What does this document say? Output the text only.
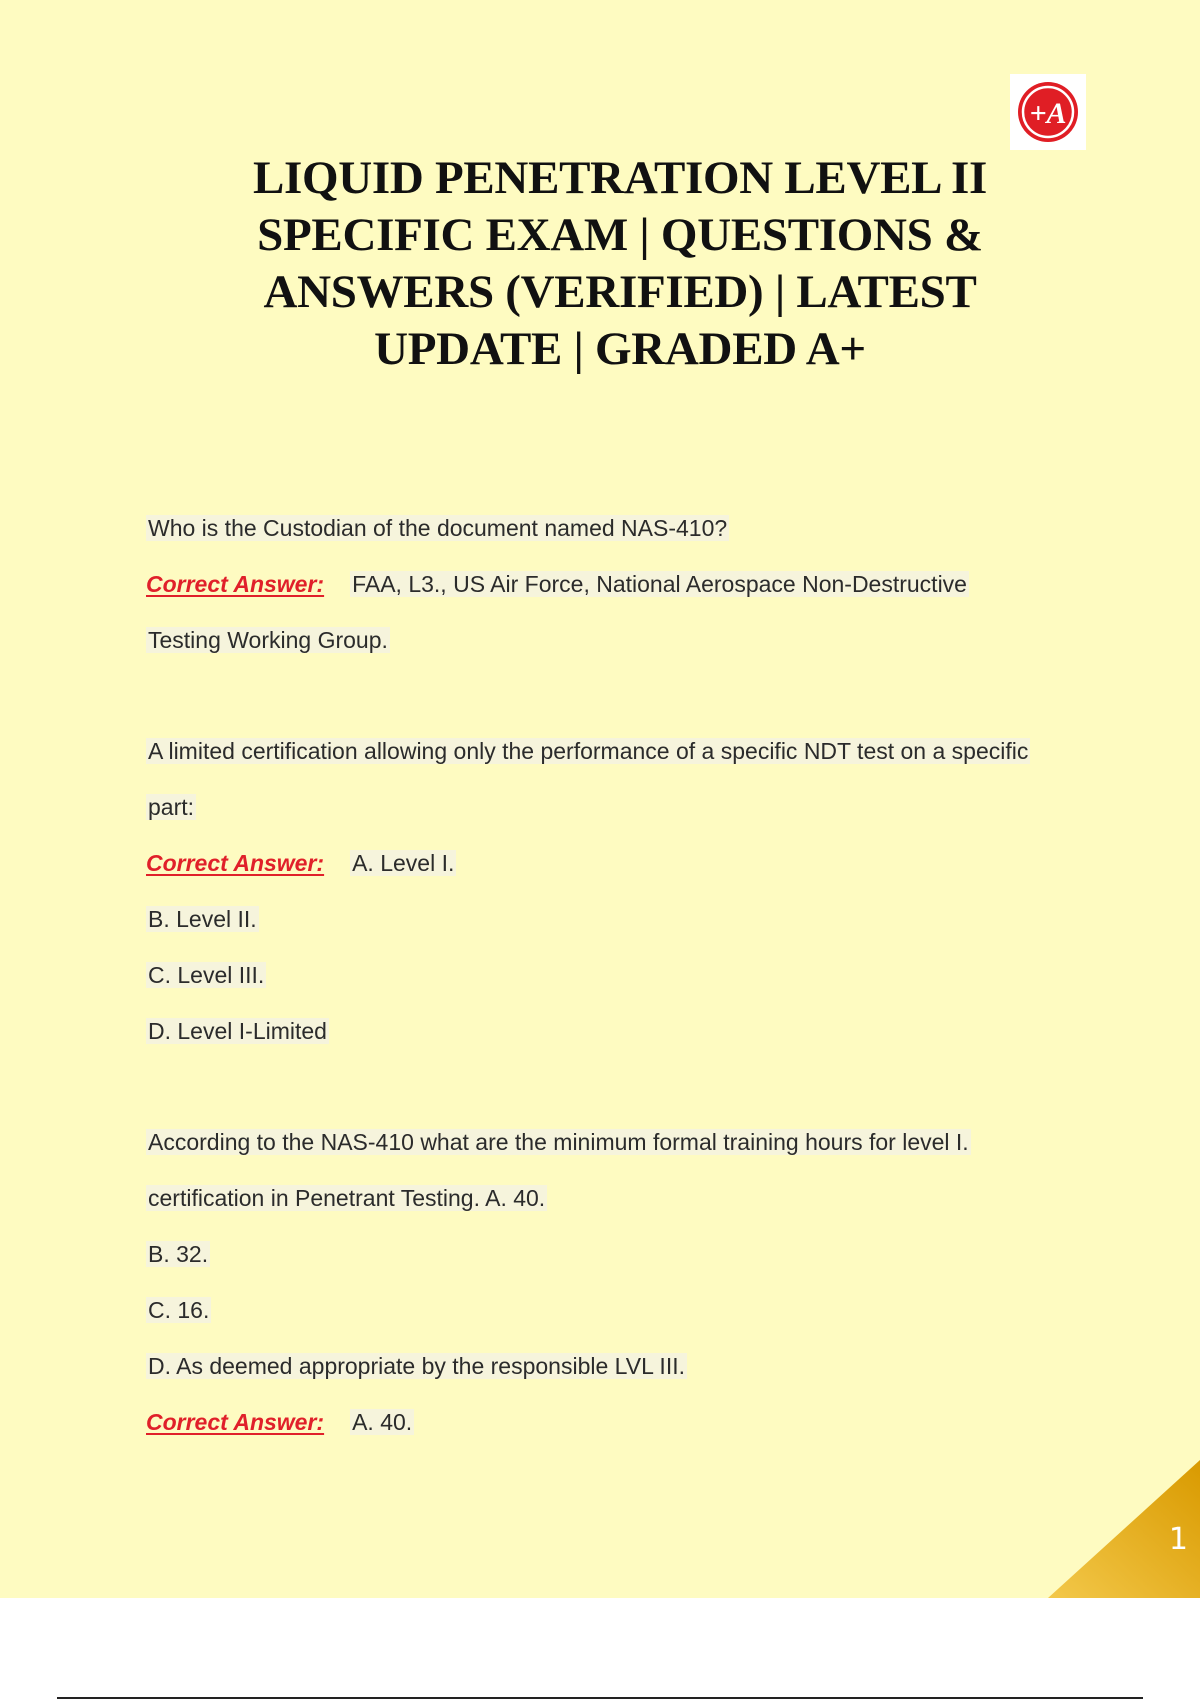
+A
LIQUID PENETRATION LEVEL II SPECIFIC EXAM | QUESTIONS & ANSWERS (VERIFIED) | LATEST UPDATE | GRADED A+
Who is the Custodian of the document named NAS-410?
Correct Answer: FAA, L3., US Air Force, National Aerospace Non-Destructive
Testing Working Group.
A limited certification allowing only the performance of a specific NDT test on a specific
part:
Correct Answer: A. Level I.
B. Level II.
C. Level III.
D. Level I-Limited
According to the NAS-410 what are the minimum formal training hours for level I.
certification in Penetrant Testing. A. 40.
B. 32.
C. 16.
D. As deemed appropriate by the responsible LVL III.
Correct Answer: A. 40.
1
